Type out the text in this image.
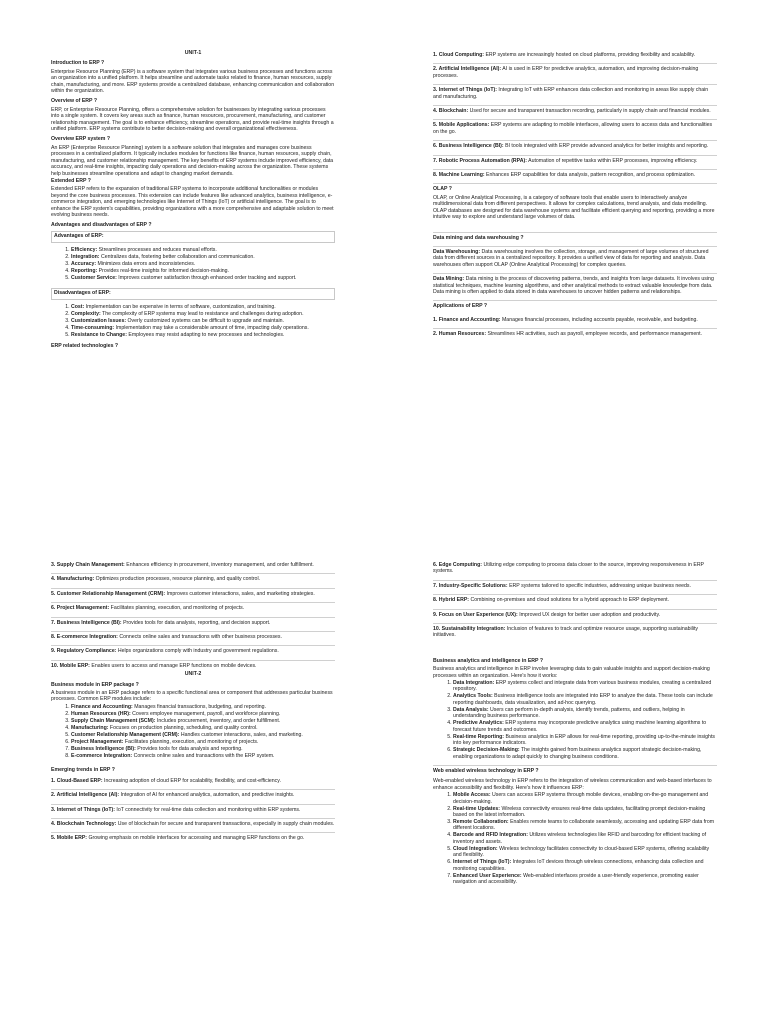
UNIT-1
Introduction to ERP ?
Enterprise Resource Planning (ERP) is a software system that integrates various business processes and functions across an organization into a unified platform. It helps streamline and automate tasks related to finance, human resources, supply chain, manufacturing, and more. ERP systems provide a centralized database, enhancing communication and collaboration within the organization.
Overview of ERP ?
ERP, or Enterprise Resource Planning, offers a comprehensive solution for businesses by integrating various processes into a single system. It covers key areas such as finance, human resources, procurement, manufacturing, and customer relationship management. The goal is to enhance efficiency, streamline operations, and provide real-time insights through a unified platform. ERP systems contribute to better decision-making and overall organizational effectiveness.
Overview ERP system ?
An ERP (Enterprise Resource Planning) system is a software solution that integrates and manages core business processes in a centralized platform. It typically includes modules for functions like finance, human resources, supply chain, manufacturing, and customer relationship management. The key benefits of ERP systems include improved efficiency, data accuracy, and real-time insights, impacting daily operations and decision-making across the organization. These systems help businesses streamline operations and adapt to changing market demands.
Extended ERP ?
Extended ERP refers to the expansion of traditional ERP systems to incorporate additional functionalities or modules beyond the core business processes. This extension can include features like advanced analytics, business intelligence, e-commerce integration, and emerging technologies like Internet of Things (IoT) or artificial intelligence. The goal is to enhance the ERP system's capabilities, providing organizations with a more comprehensive and adaptable solution to meet evolving business needs.
Advantages and disadvantages of ERP ?
Advantages of ERP:
1. Efficiency: Streamlines processes and reduces manual efforts.
2. Integration: Centralizes data, fostering better collaboration and communication.
3. Accuracy: Minimizes data errors and inconsistencies.
4. Reporting: Provides real-time insights for informed decision-making.
5. Customer Service: Improves customer satisfaction through enhanced order tracking and support.
Disadvantages of ERP:
1. Cost: Implementation can be expensive in terms of software, customization, and training.
2. Complexity: The complexity of ERP systems may lead to resistance and challenges during adoption.
3. Customization Issues: Overly customized systems can be difficult to upgrade and maintain.
4. Time-consuming: Implementation may take a considerable amount of time, impacting daily operations.
5. Resistance to Change: Employees may resist adapting to new processes and technologies.
ERP related technologies ?
1. Cloud Computing: ERP systems are increasingly hosted on cloud platforms, providing flexibility and scalability.
2. Artificial Intelligence (AI): AI is used in ERP for predictive analytics, automation, and improving decision-making processes.
3. Internet of Things (IoT): Integrating IoT with ERP enhances data collection and monitoring in areas like supply chain and manufacturing.
4. Blockchain: Used for secure and transparent transaction recording, particularly in supply chain and financial modules.
5. Mobile Applications: ERP systems are adapting to mobile interfaces, allowing users to access data and functionalities on the go.
6. Business Intelligence (BI): BI tools integrated with ERP provide advanced analytics for better insights and reporting.
7. Robotic Process Automation (RPA): Automation of repetitive tasks within ERP processes, improving efficiency.
8. Machine Learning: Enhances ERP capabilities for data analysis, pattern recognition, and process optimization.
OLAP ?
OLAP, or Online Analytical Processing, is a category of software tools that enable users to interactively analyze multidimensional data from different perspectives. It allows for complex calculations, trend analysis, and data modelling. OLAP databases are designed for data warehouse systems and facilitate efficient querying and reporting, providing a more intuitive way to explore and understand large volumes of data.
Data mining and data warehousing ?
Data Warehousing: Data warehousing involves the collection, storage, and management of large volumes of structured data from different sources in a centralized repository. It provides a unified view of data for reporting and analysis. Data warehouses often support OLAP (Online Analytical Processing) for complex queries.
Data Mining: Data mining is the process of discovering patterns, trends, and insights from large datasets. It involves using statistical techniques, machine learning algorithms, and other analytical methods to extract valuable knowledge from data. Data mining is often applied to data stored in data warehouses to uncover hidden patterns and relationships.
Applications of ERP ?
1. Finance and Accounting: Manages financial processes, including accounts payable, receivable, and budgeting.
2. Human Resources: Streamlines HR activities, such as payroll, employee records, and performance management.
3. Supply Chain Management: Enhances efficiency in procurement, inventory management, and order fulfillment.
4. Manufacturing: Optimizes production processes, resource planning, and quality control.
5. Customer Relationship Management (CRM): Improves customer interactions, sales, and marketing strategies.
6. Project Management: Facilitates planning, execution, and monitoring of projects.
7. Business Intelligence (BI): Provides tools for data analysis, reporting, and decision support.
8. E-commerce Integration: Connects online sales and transactions with other business processes.
9. Regulatory Compliance: Helps organizations comply with industry and government regulations.
10. Mobile ERP: Enables users to access and manage ERP functions on mobile devices.
UNIT-2
Business module in ERP package ?
A business module in an ERP package refers to a specific functional area or component that addresses particular business processes. Common ERP modules include:
1. Finance and Accounting: Manages financial transactions, budgeting, and reporting.
2. Human Resources (HR): Covers employee management, payroll, and workforce planning.
3. Supply Chain Management (SCM): Includes procurement, inventory, and order fulfillment.
4. Manufacturing: Focuses on production planning, scheduling, and quality control.
5. Customer Relationship Management (CRM): Handles customer interactions, sales, and marketing.
6. Project Management: Facilitates planning, execution, and monitoring of projects.
7. Business Intelligence (BI): Provides tools for data analysis and reporting.
8. E-commerce Integration: Connects online sales and transactions with the ERP system.
Emerging trends in ERP ?
1. Cloud-Based ERP: Increasing adoption of cloud ERP for scalability, flexibility, and cost-efficiency.
2. Artificial Intelligence (AI): Integration of AI for enhanced analytics, automation, and predictive insights.
3. Internet of Things (IoT): IoT connectivity for real-time data collection and monitoring within ERP systems.
4. Blockchain Technology: Use of blockchain for secure and transparent transactions, especially in supply chain modules.
5. Mobile ERP: Growing emphasis on mobile interfaces for accessing and managing ERP functions on the go.
6. Edge Computing: Utilizing edge computing to process data closer to the source, improving responsiveness in ERP systems.
7. Industry-Specific Solutions: ERP systems tailored to specific industries, addressing unique business needs.
8. Hybrid ERP: Combining on-premises and cloud solutions for a hybrid approach to ERP deployment.
9. Focus on User Experience (UX): Improved UX design for better user adoption and productivity.
10. Sustainability Integration: Inclusion of features to track and optimize resource usage, supporting sustainability initiatives.
Business analytics and intelligence in ERP ?
Business analytics and intelligence in ERP involve leveraging data to gain valuable insights and support decision-making processes within an organization. Here's how it works:
1. Data Integration: ERP systems collect and integrate data from various business modules, creating a centralized repository.
2. Analytics Tools: Business intelligence tools are integrated into ERP to analyze the data. These tools can include reporting dashboards, data visualization, and ad-hoc querying.
3. Data Analysis: Users can perform in-depth analysis, identify trends, patterns, and outliers, helping in understanding business performance.
4. Predictive Analytics: ERP systems may incorporate predictive analytics using machine learning algorithms to forecast future trends and outcomes.
5. Real-time Reporting: Business analytics in ERP allows for real-time reporting, providing up-to-the-minute insights into key performance indicators.
6. Strategic Decision-Making: The insights gained from business analytics support strategic decision-making, enabling organizations to adapt quickly to changing business conditions.
Web enabled wireless technology in ERP ?
Web-enabled wireless technology in ERP refers to the integration of wireless communication and web-based interfaces to enhance accessibility and flexibility. Here's how it influences ERP:
1. Mobile Access: Users can access ERP systems through mobile devices, enabling on-the-go management and decision-making.
2. Real-time Updates: Wireless connectivity ensures real-time data updates, facilitating prompt decision-making based on the latest information.
3. Remote Collaboration: Enables remote teams to collaborate seamlessly, accessing and updating ERP data from different locations.
4. Barcode and RFID Integration: Utilizes wireless technologies like RFID and barcoding for efficient tracking of inventory and assets.
5. Cloud Integration: Wireless technology facilitates connectivity to cloud-based ERP systems, offering scalability and flexibility.
6. Internet of Things (IoT): Integrates IoT devices through wireless connections, enhancing data collection and monitoring capabilities.
7. Enhanced User Experience: Web-enabled interfaces provide a user-friendly experience, promoting easier navigation and accessibility.
